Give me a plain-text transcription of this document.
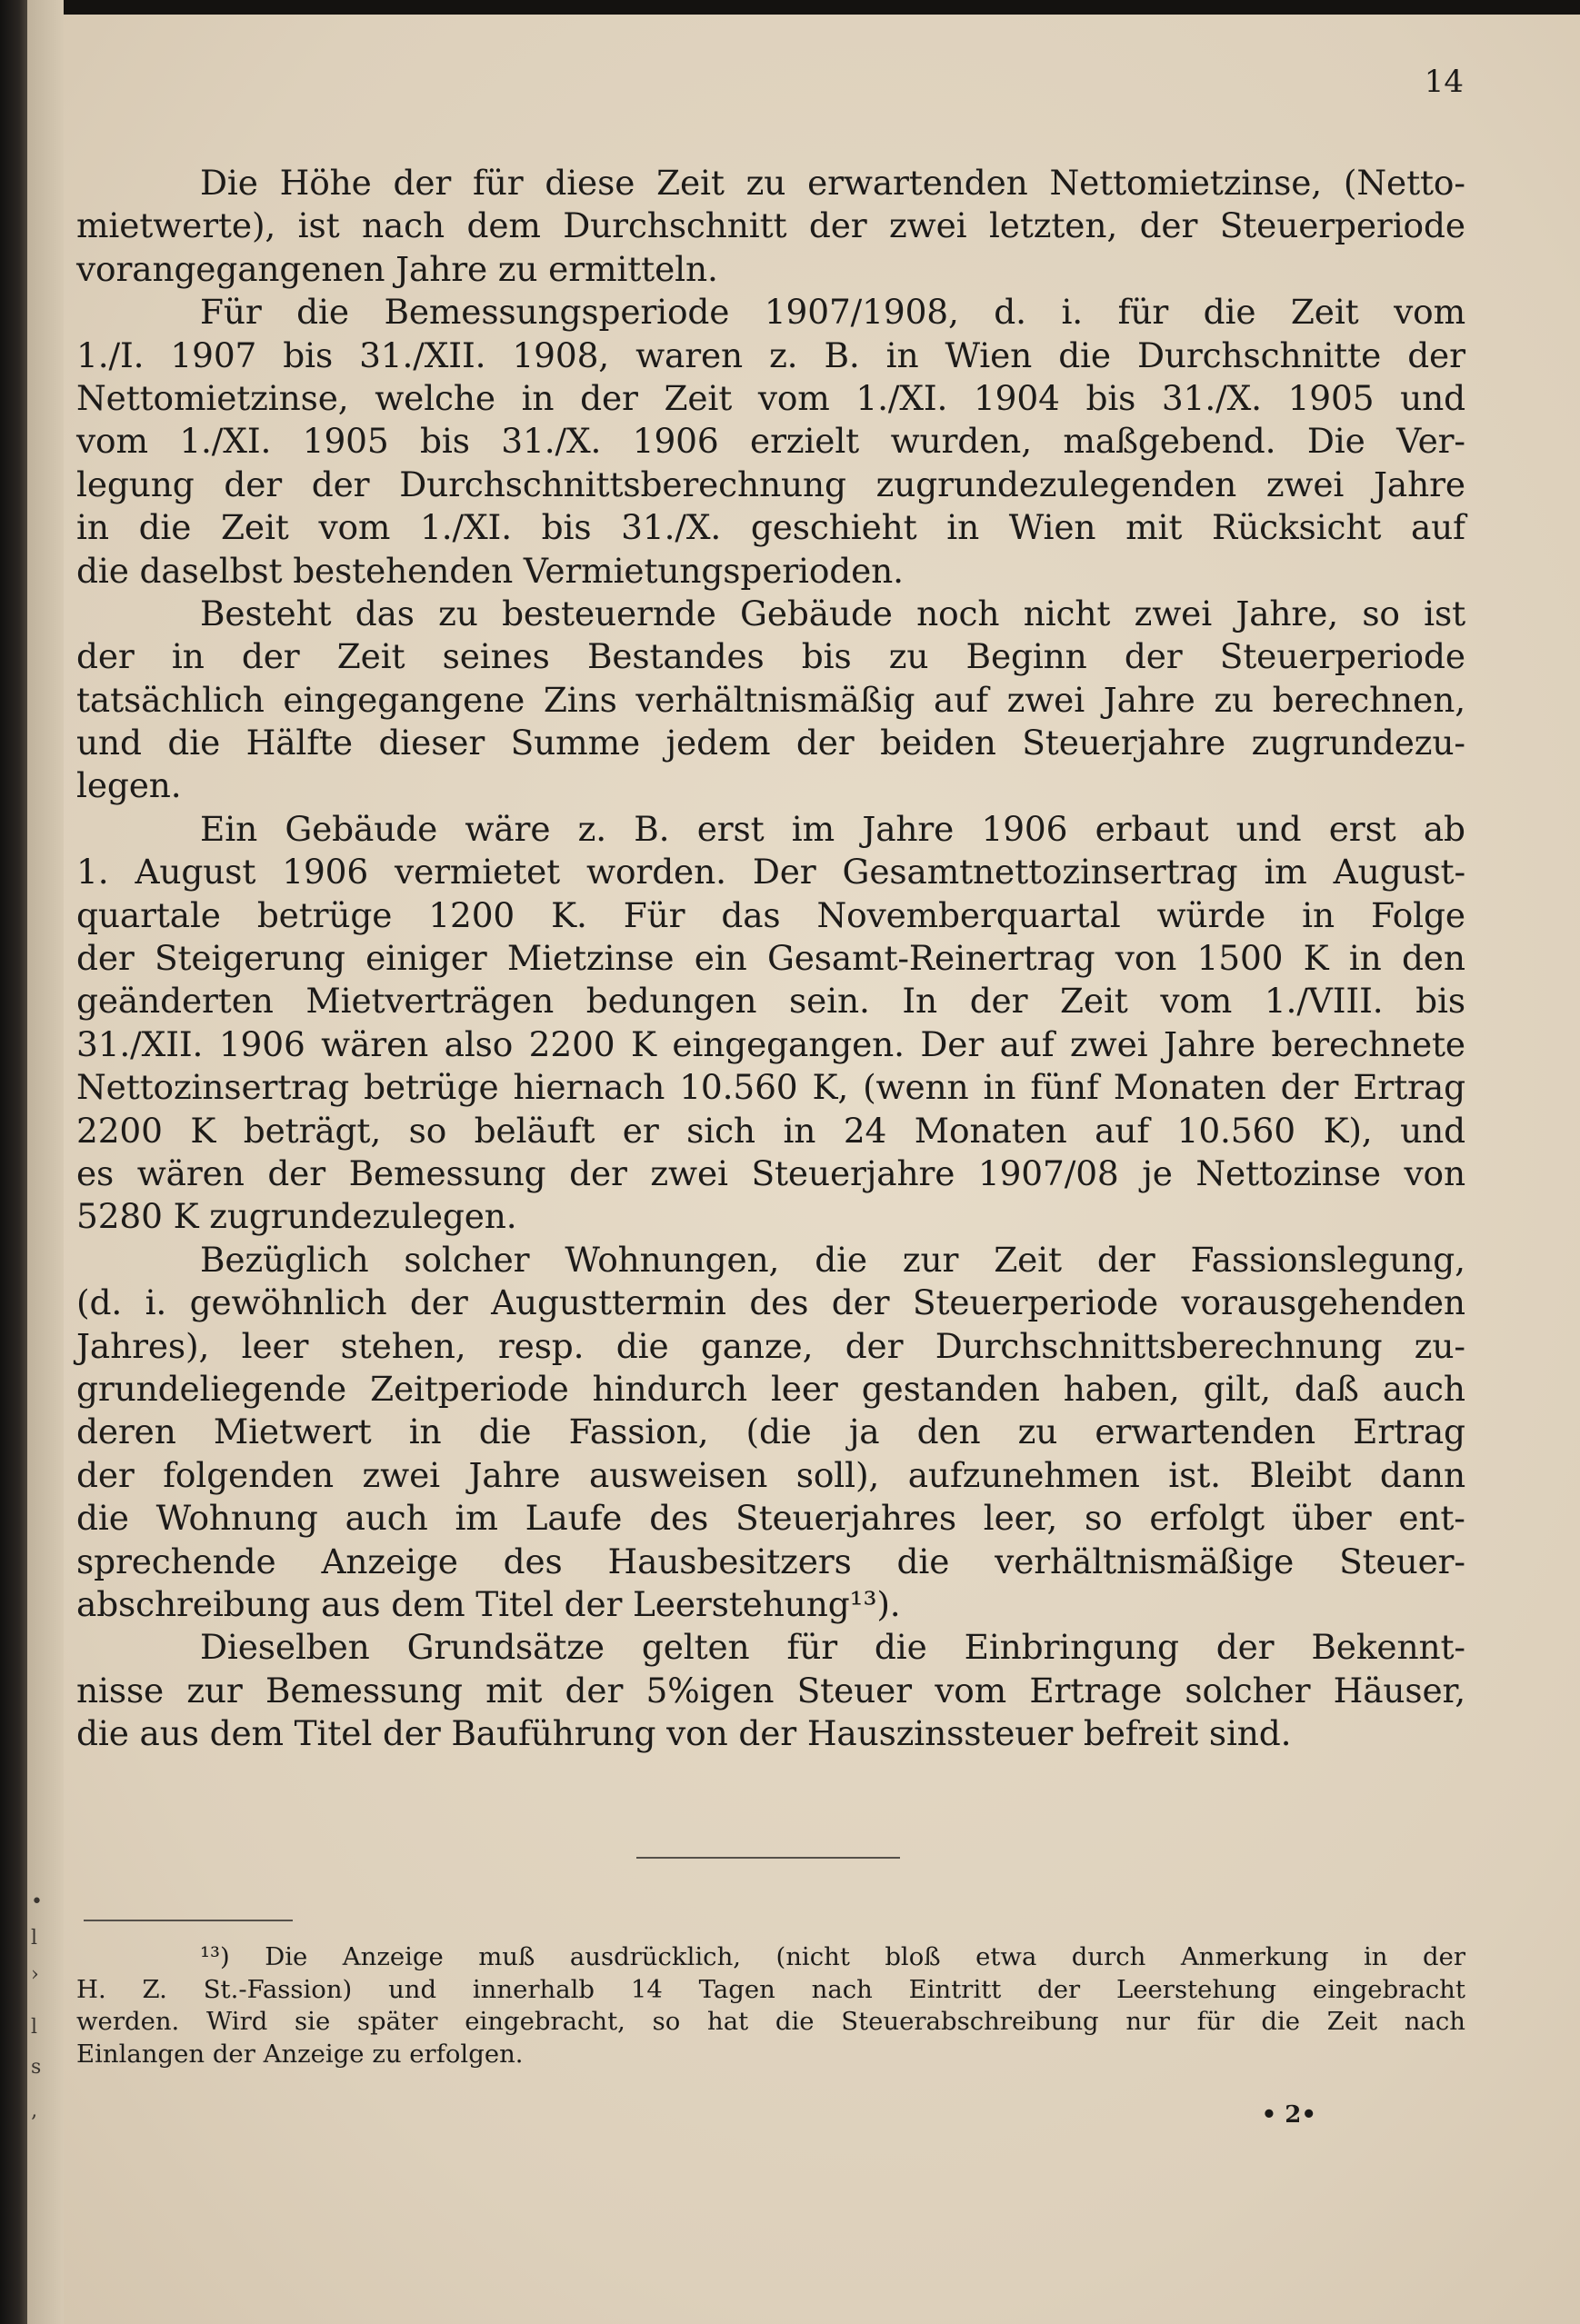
•
l
›
l
s
‚
14
Die Höhe der für diese Zeit zu erwartenden Nettomietzinse, (Netto-
mietwerte), ist nach dem Durchschnitt der zwei letzten, der Steuerperiode
vorangegangenen Jahre zu ermitteln.
Für die Bemessungsperiode 1907/1908, d. i. für die Zeit vom
1./I. 1907 bis 31./XII. 1908, waren z. B. in Wien die Durchschnitte der
Nettomietzinse, welche in der Zeit vom 1./XI. 1904 bis 31./X. 1905 und
vom 1./XI. 1905 bis 31./X. 1906 erzielt wurden, maßgebend. Die Ver-
legung der der Durchschnittsberechnung zugrundezulegenden zwei Jahre
in die Zeit vom 1./XI. bis 31./X. geschieht in Wien mit Rücksicht auf
die daselbst bestehenden Vermietungsperioden.
Besteht das zu besteuernde Gebäude noch nicht zwei Jahre, so ist
der in der Zeit seines Bestandes bis zu Beginn der Steuerperiode
tatsächlich eingegangene Zins verhältnismäßig auf zwei Jahre zu berechnen,
und die Hälfte dieser Summe jedem der beiden Steuerjahre zugrundezu-
legen.
Ein Gebäude wäre z. B. erst im Jahre 1906 erbaut und erst ab
1. August 1906 vermietet worden. Der Gesamtnettozinsertrag im August-
quartale betrüge 1200 K. Für das Novemberquartal würde in Folge
der Steigerung einiger Mietzinse ein Gesamt-Reinertrag von 1500 K in den
geänderten Mietverträgen bedungen sein. In der Zeit vom 1./VIII. bis
31./XII. 1906 wären also 2200 K eingegangen. Der auf zwei Jahre berechnete
Nettozinsertrag betrüge hiernach 10.560 K, (wenn in fünf Monaten der Ertrag
2200 K beträgt, so beläuft er sich in 24 Monaten auf 10.560 K), und
es wären der Bemessung der zwei Steuerjahre 1907/08 je Nettozinse von
5280 K zugrundezulegen.
Bezüglich solcher Wohnungen, die zur Zeit der Fassionslegung,
(d. i. gewöhnlich der Augusttermin des der Steuerperiode vorausgehenden
Jahres), leer stehen, resp. die ganze, der Durchschnittsberechnung zu-
grundeliegende Zeitperiode hindurch leer gestanden haben, gilt, daß auch
deren Mietwert in die Fassion, (die ja den zu erwartenden Ertrag
der folgenden zwei Jahre ausweisen soll), aufzunehmen ist. Bleibt dann
die Wohnung auch im Laufe des Steuerjahres leer, so erfolgt über ent-
sprechende Anzeige des Hausbesitzers die verhältnismäßige Steuer-
abschreibung aus dem Titel der Leerstehung¹³).
Dieselben Grundsätze gelten für die Einbringung der Bekennt-
nisse zur Bemessung mit der 5%igen Steuer vom Ertrage solcher Häuser,
die aus dem Titel der Bauführung von der Hauszinssteuer befreit sind.
¹³) Die Anzeige muß ausdrücklich, (nicht bloß etwa durch Anmerkung in der
H. Z. St.-Fassion) und innerhalb 14 Tagen nach Eintritt der Leerstehung eingebracht
werden. Wird sie später eingebracht, so hat die Steuerabschreibung nur für die Zeit nach
Einlangen der Anzeige zu erfolgen.
• 2•
